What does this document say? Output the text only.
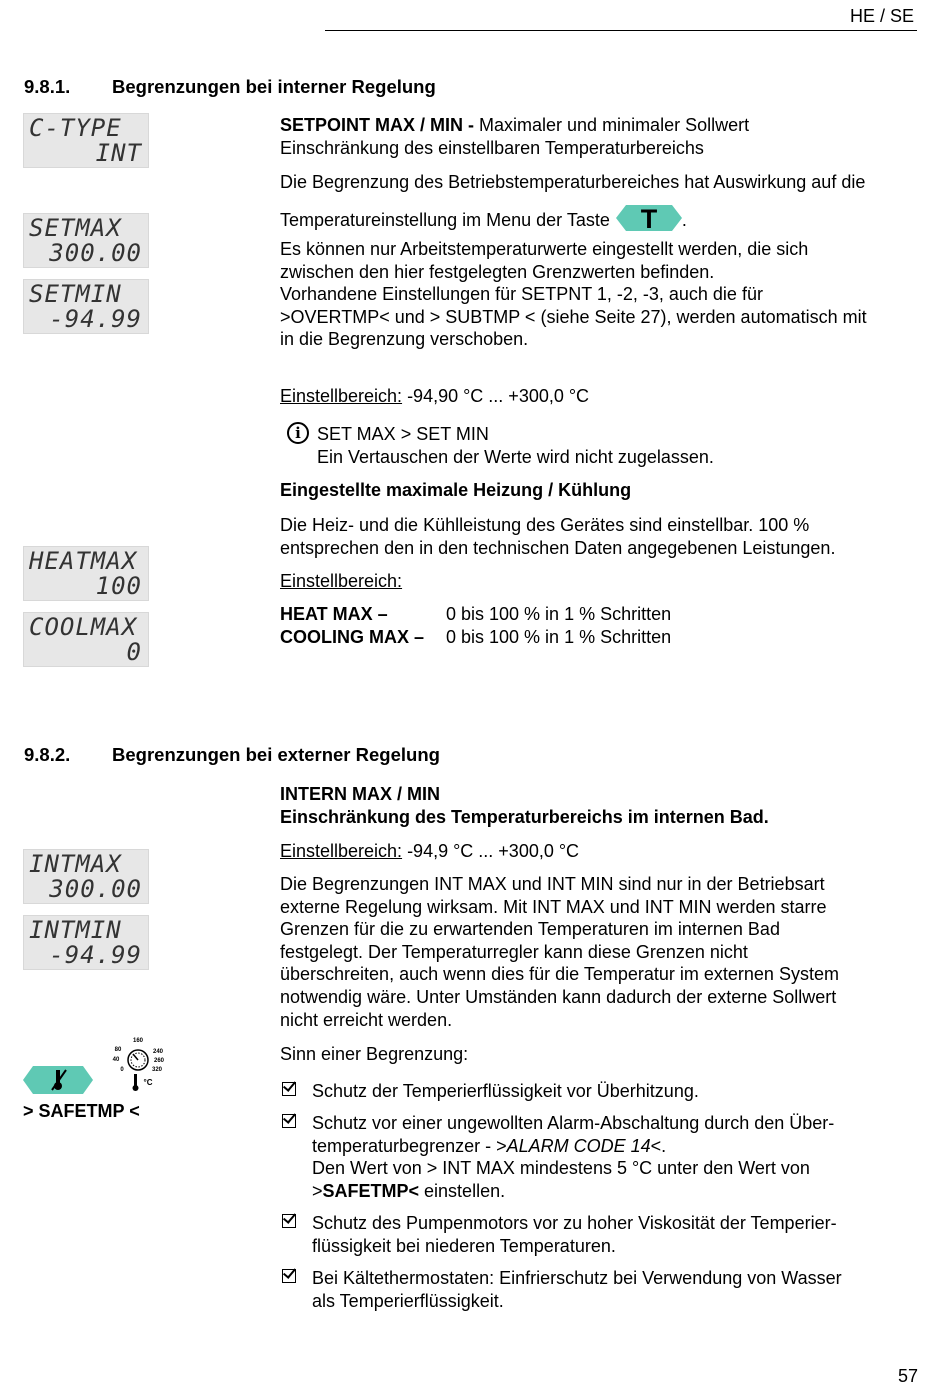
HE / SE
9.8.1. Begrenzungen bei interner Regelung
C-TYPE
INT
SETMAX
300.00
SETMIN
-94.99
HEATMAX
100
COOLMAX
0
SETPOINT MAX / MIN - Maximaler und minimaler Sollwert
Einschränkung des einstellbaren Temperaturbereichs
Die Begrenzung des Betriebstemperaturbereiches hat Auswirkung auf die
Temperatureinstellung im Menu der Taste T .
Es können nur Arbeitstemperaturwerte eingestellt werden, die sich
zwischen den hier festgelegten Grenzwerten befinden.
Vorhandene Einstellungen für SETPNT 1, -2, -3, auch die für
>OVERTMP< und > SUBTMP < (siehe Seite 27), werden automatisch mit
in die Begrenzung verschoben.
Einstellbereich: -94,90 °C ... +300,0 °C
i SET MAX > SET MIN
Ein Vertauschen der Werte wird nicht zugelassen.
Eingestellte maximale Heizung / Kühlung
Die Heiz- und die Kühlleistung des Gerätes sind einstellbar. 100 %
entsprechen den in den technischen Daten angegebenen Leistungen.
Einstellbereich:
HEAT MAX –	0 bis 100 % in 1 % Schritten
COOLING MAX – 0 bis 100 % in 1 % Schritten
9.8.2. Begrenzungen bei externer Regelung
INTMAX
300.00
INTMIN
-94.99
160
80	240
40	260
0	320
°C
> SAFETMP <
INTERN MAX / MIN
Einschränkung des Temperaturbereichs im internen Bad.
Einstellbereich: -94,9 °C ... +300,0 °C
Die Begrenzungen INT MAX und INT MIN sind nur in der Betriebsart
externe Regelung wirksam. Mit INT MAX und INT MIN werden starre
Grenzen für die zu erwartenden Temperaturen im internen Bad
festgelegt. Der Temperaturregler kann diese Grenzen nicht
überschreiten, auch wenn dies für die Temperatur im externen System
notwendig wäre. Unter Umständen kann dadurch der externe Sollwert
nicht erreicht werden.
Sinn einer Begrenzung:
Schutz der Temperierflüssigkeit vor Überhitzung.
Schutz vor einer ungewollten Alarm-Abschaltung durch den Über-
temperaturbegrenzer - >ALARM CODE 14<.
Den Wert von > INT MAX mindestens 5 °C unter den Wert von
>SAFETMP< einstellen.
Schutz des Pumpenmotors vor zu hoher Viskosität der Temperier-
flüssigkeit bei niederen Temperaturen.
Bei Kältethermostaten: Einfrierschutz bei Verwendung von Wasser
als Temperierflüssigkeit.
57
